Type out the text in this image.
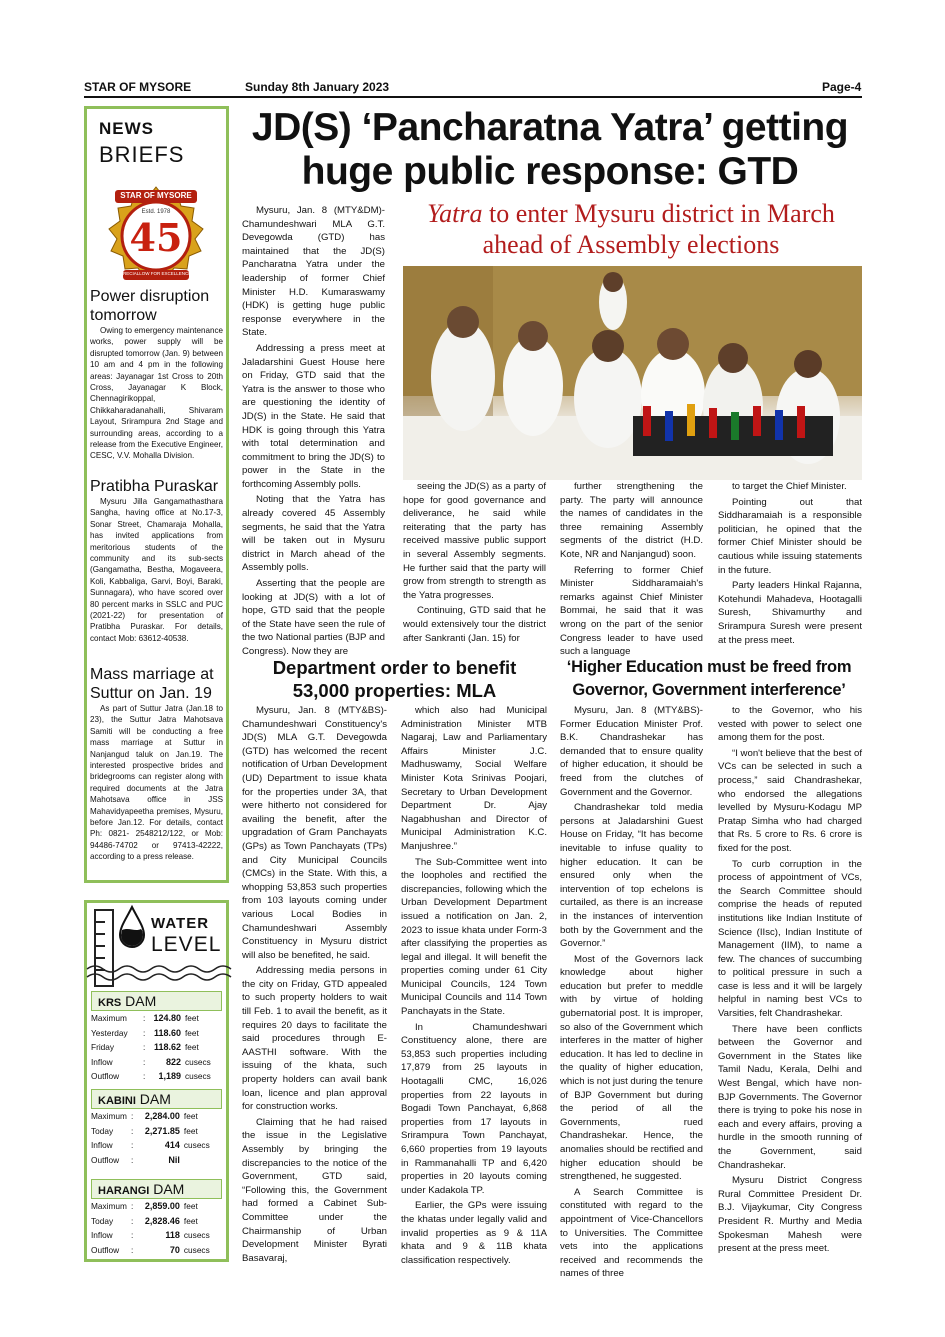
STAR OF MYSORE	Sunday 8th January 2023	Page-4
NEWS
BRIEFS
STAR OF MYSORE
Estd. 1978
45
RECIALLOW FOR EXCELLENCE
Power disruption tomorrow

Owing to emergency maintenance works, power supply will be disrupted tomorrow (Jan. 9) between 10 am and 4 pm in the following areas: Jayanagar 1st Cross to 20th Cross, Jayanagar K Block, Chennagirikoppal, Chikkaharadanahalli, Shivaram Layout, Srirampura 2nd Stage and surrounding areas, according to a release from the Executive Engineer, CESC, V.V. Mohalla Division.

Pratibha Puraskar

Mysuru Jilla Gangamathasthara Sangha, having office at No.17-3, Sonar Street, Chamaraja Mohalla, has invited applications from meritorious students of the community and its sub-sects (Gangamatha, Bestha, Mogaveera, Koli, Kabbaliga, Garvi, Boyi, Baraki, Sunnagara), who have scored over 80 percent marks in SSLC and PUC (2021-22) for presentation of Pratibha Puraskar. For details, contact Mob: 63612-40538.

Mass marriage at Suttur on Jan. 19

As part of Suttur Jatra (Jan.18 to 23), the Suttur Jatra Mahotsava Samiti will be conducting a free mass marriage at Suttur in Nanjangud taluk on Jan.19. The interested prospective brides and bridegrooms can register along with required documents at the Jatra Mahotsava office in JSS Mahavidyapeetha premises, Mysuru, before Jan.12. For details, contact Ph: 0821- 2548212/122, or Mob: 94486-74702 or 97413-42222, according to a press release.

WATER
LEVEL
KRS DAM
Maximum	:	124.80	feet
Yesterday	:	118.60	feet
Friday	:	118.62	feet
Inflow	:	822	cusecs
Outflow	:	1,189	cusecs
KABINI DAM
Maximum	:	2,284.00	feet
Today	:	2,271.85	feet
Inflow	:	414	cusecs
Outflow	:	Nil	
HARANGI DAM
Maximum	:	2,859.00	feet
Today	:	2,828.46	feet
Inflow	:	118	cusecs
Outflow	:	70	cusecs
JD(S) ‘Pancharatna Yatra’ getting
huge public response: GTD
Yatra to enter Mysuru district in March
ahead of Assembly elections

Mysuru, Jan. 8 (MTY&DM)- Chamundeshwari MLA G.T. Devegowda (GTD) has maintained that the JD(S) Pancharatna Yatra under the leadership of former Chief Minister H.D. Kumaraswamy (HDK) is getting huge public response everywhere in the State.

Addressing a press meet at Jaladarshini Guest House here on Friday, GTD said that the Yatra is the answer to those who are questioning the identity of JD(S) in the State. He said that HDK is going through this Yatra with total determination and commitment to bring the JD(S) to power in the State in the forthcoming Assembly polls.

Noting that the Yatra has already covered 45 Assembly segments, he said that the Yatra will be taken out in Mysuru district in March ahead of the Assembly polls.

Asserting that the people are looking at JD(S) with a lot of hope, GTD said that the people of the State have seen the rule of the two National parties (BJP and Congress). Now they are

seeing the JD(S) as a party of hope for good governance and deliverance, he said while reiterating that the party has received massive public support in several Assembly segments. He further said that the party will grow from strength to strength as the Yatra progresses.

Continuing, GTD said that he would extensively tour the district after Sankranti (Jan. 15) for

further strengthening the party. The party will announce the names of candidates in the three remaining Assembly segments of the district (H.D. Kote, NR and Nanjangud) soon.

Referring to former Chief Minister Siddharamaiah's remarks against Chief Minister Bommai, he said that it was wrong on the part of the senior Congress leader to have used such a language

to target the Chief Minister.

Pointing out that Siddharamaiah is a responsible politician, he opined that the former Chief Minister should be cautious while issuing statements in the future.

Party leaders Hinkal Rajanna, Kotehundi Mahadeva, Hootagalli Suresh, Shivamurthy and Srirampura Suresh were present at the press meet.

Department order to benefit
53,000 properties: MLA

Mysuru, Jan. 8 (MTY&BS)- Chamundeshwari Constituency's JD(S) MLA G.T. Devegowda (GTD) has welcomed the recent notification of Urban Development (UD) Department to issue khata for the properties under 3A, that were hitherto not considered for availing the benefit, after the upgradation of Gram Panchayats (GPs) as Town Panchayats (TPs) and City Municipal Councils (CMCs) in the State. With this, a whopping 53,853 such properties from 103 layouts coming under various Local Bodies in Chamundeshwari Assembly Constituency in Mysuru district will also be benefited, he said.

Addressing media persons in the city on Friday, GTD appealed to such property holders to wait till Feb. 1 to avail the benefit, as it requires 20 days to facilitate the said procedures through E-AASTHI software. With the issuing of the khata, such property holders can avail bank loan, licence and plan approval for construction works.

Claiming that he had raised the issue in the Legislative Assembly by bringing the discrepancies to the notice of the Government, GTD said, “Following this, the Government had formed a Cabinet Sub-Committee under the Chairmanship of Urban Development Minister Byrati Basavaraj,

which also had Municipal Administration Minister MTB Nagaraj, Law and Parliamentary Affairs Minister J.C. Madhuswamy, Social Welfare Minister Kota Srinivas Poojari, Secretary to Urban Development Department Dr. Ajay Nagabhushan and Director of Municipal Administration K.C. Manjushree.”

The Sub-Committee went into the loopholes and rectified the discrepancies, following which the Urban Development Department issued a notification on Jan. 2, 2023 to issue khata under Form-3 after classifying the properties as legal and illegal. It will benefit the properties coming under 61 City Municipal Councils, 124 Town Municipal Councils and 114 Town Panchayats in the State.

In Chamundeshwari Constituency alone, there are 53,853 such properties including 17,879 from 25 layouts in Hootagalli CMC, 16,026 properties from 22 layouts in Bogadi Town Panchayat, 6,868 properties from 17 layouts in Srirampura Town Panchayat, 6,660 properties from 19 layouts in Rammanahalli TP and 6,420 properties in 20 layouts coming under Kadakola TP.

Earlier, the GPs were issuing the khatas under legally valid and invalid properties as 9 & 11A khata and 9 & 11B khata classification respectively.

‘Higher Education must be freed from
Governor, Government interference’

Mysuru, Jan. 8 (MTY&BS)- Former Education Minister Prof. B.K. Chandrashekar has demanded that to ensure quality of higher education, it should be freed from the clutches of Government and the Governor.

Chandrashekar told media persons at Jaladarshini Guest House on Friday, “It has become inevitable to infuse quality to higher education. It can be ensured only when the intervention of top echelons is curtailed, as there is an increase in the instances of intervention both by the Government and the Governor.”

Most of the Governors lack knowledge about higher education but prefer to meddle with by virtue of holding gubernatorial post. It is improper, so also of the Government which interferes in the matter of higher education. It has led to decline in the quality of higher education, which is not just during the tenure of BJP Government but during the period of all the Governments, rued Chandrashekar. Hence, the anomalies should be rectified and higher education should be strengthened, he suggested.

A Search Committee is constituted with regard to the appointment of Vice-Chancellors to Universities. The Committee vets into the applications received and recommends the names of three

to the Governor, who his vested with power to select one among them for the post.

“I won't believe that the best of VCs can be selected in such a process,” said Chandrashekar, who endorsed the allegations levelled by Mysuru-Kodagu MP Pratap Simha who had charged that Rs. 5 crore to Rs. 6 crore is fixed for the post.

To curb corruption in the process of appointment of VCs, the Search Committee should comprise the heads of reputed institutions like Indian Institute of Science (IIsc), Indian Institute of Management (IIM), to name a few. The chances of succumbing to political pressure in such a case is less and it will be largely helpful in naming best VCs to Varsities, felt Chandrashekar.

There have been conflicts between the Governor and Government in the States like Tamil Nadu, Kerala, Delhi and West Bengal, which have non-BJP Governments. The Governor there is trying to poke his nose in each and every affairs, proving a hurdle in the smooth running of the Government, said Chandrashekar.

Mysuru District Congress Rural Committee President Dr. B.J. Vijaykumar, City Congress President R. Murthy and Media Spokesman Mahesh were present at the press meet.
